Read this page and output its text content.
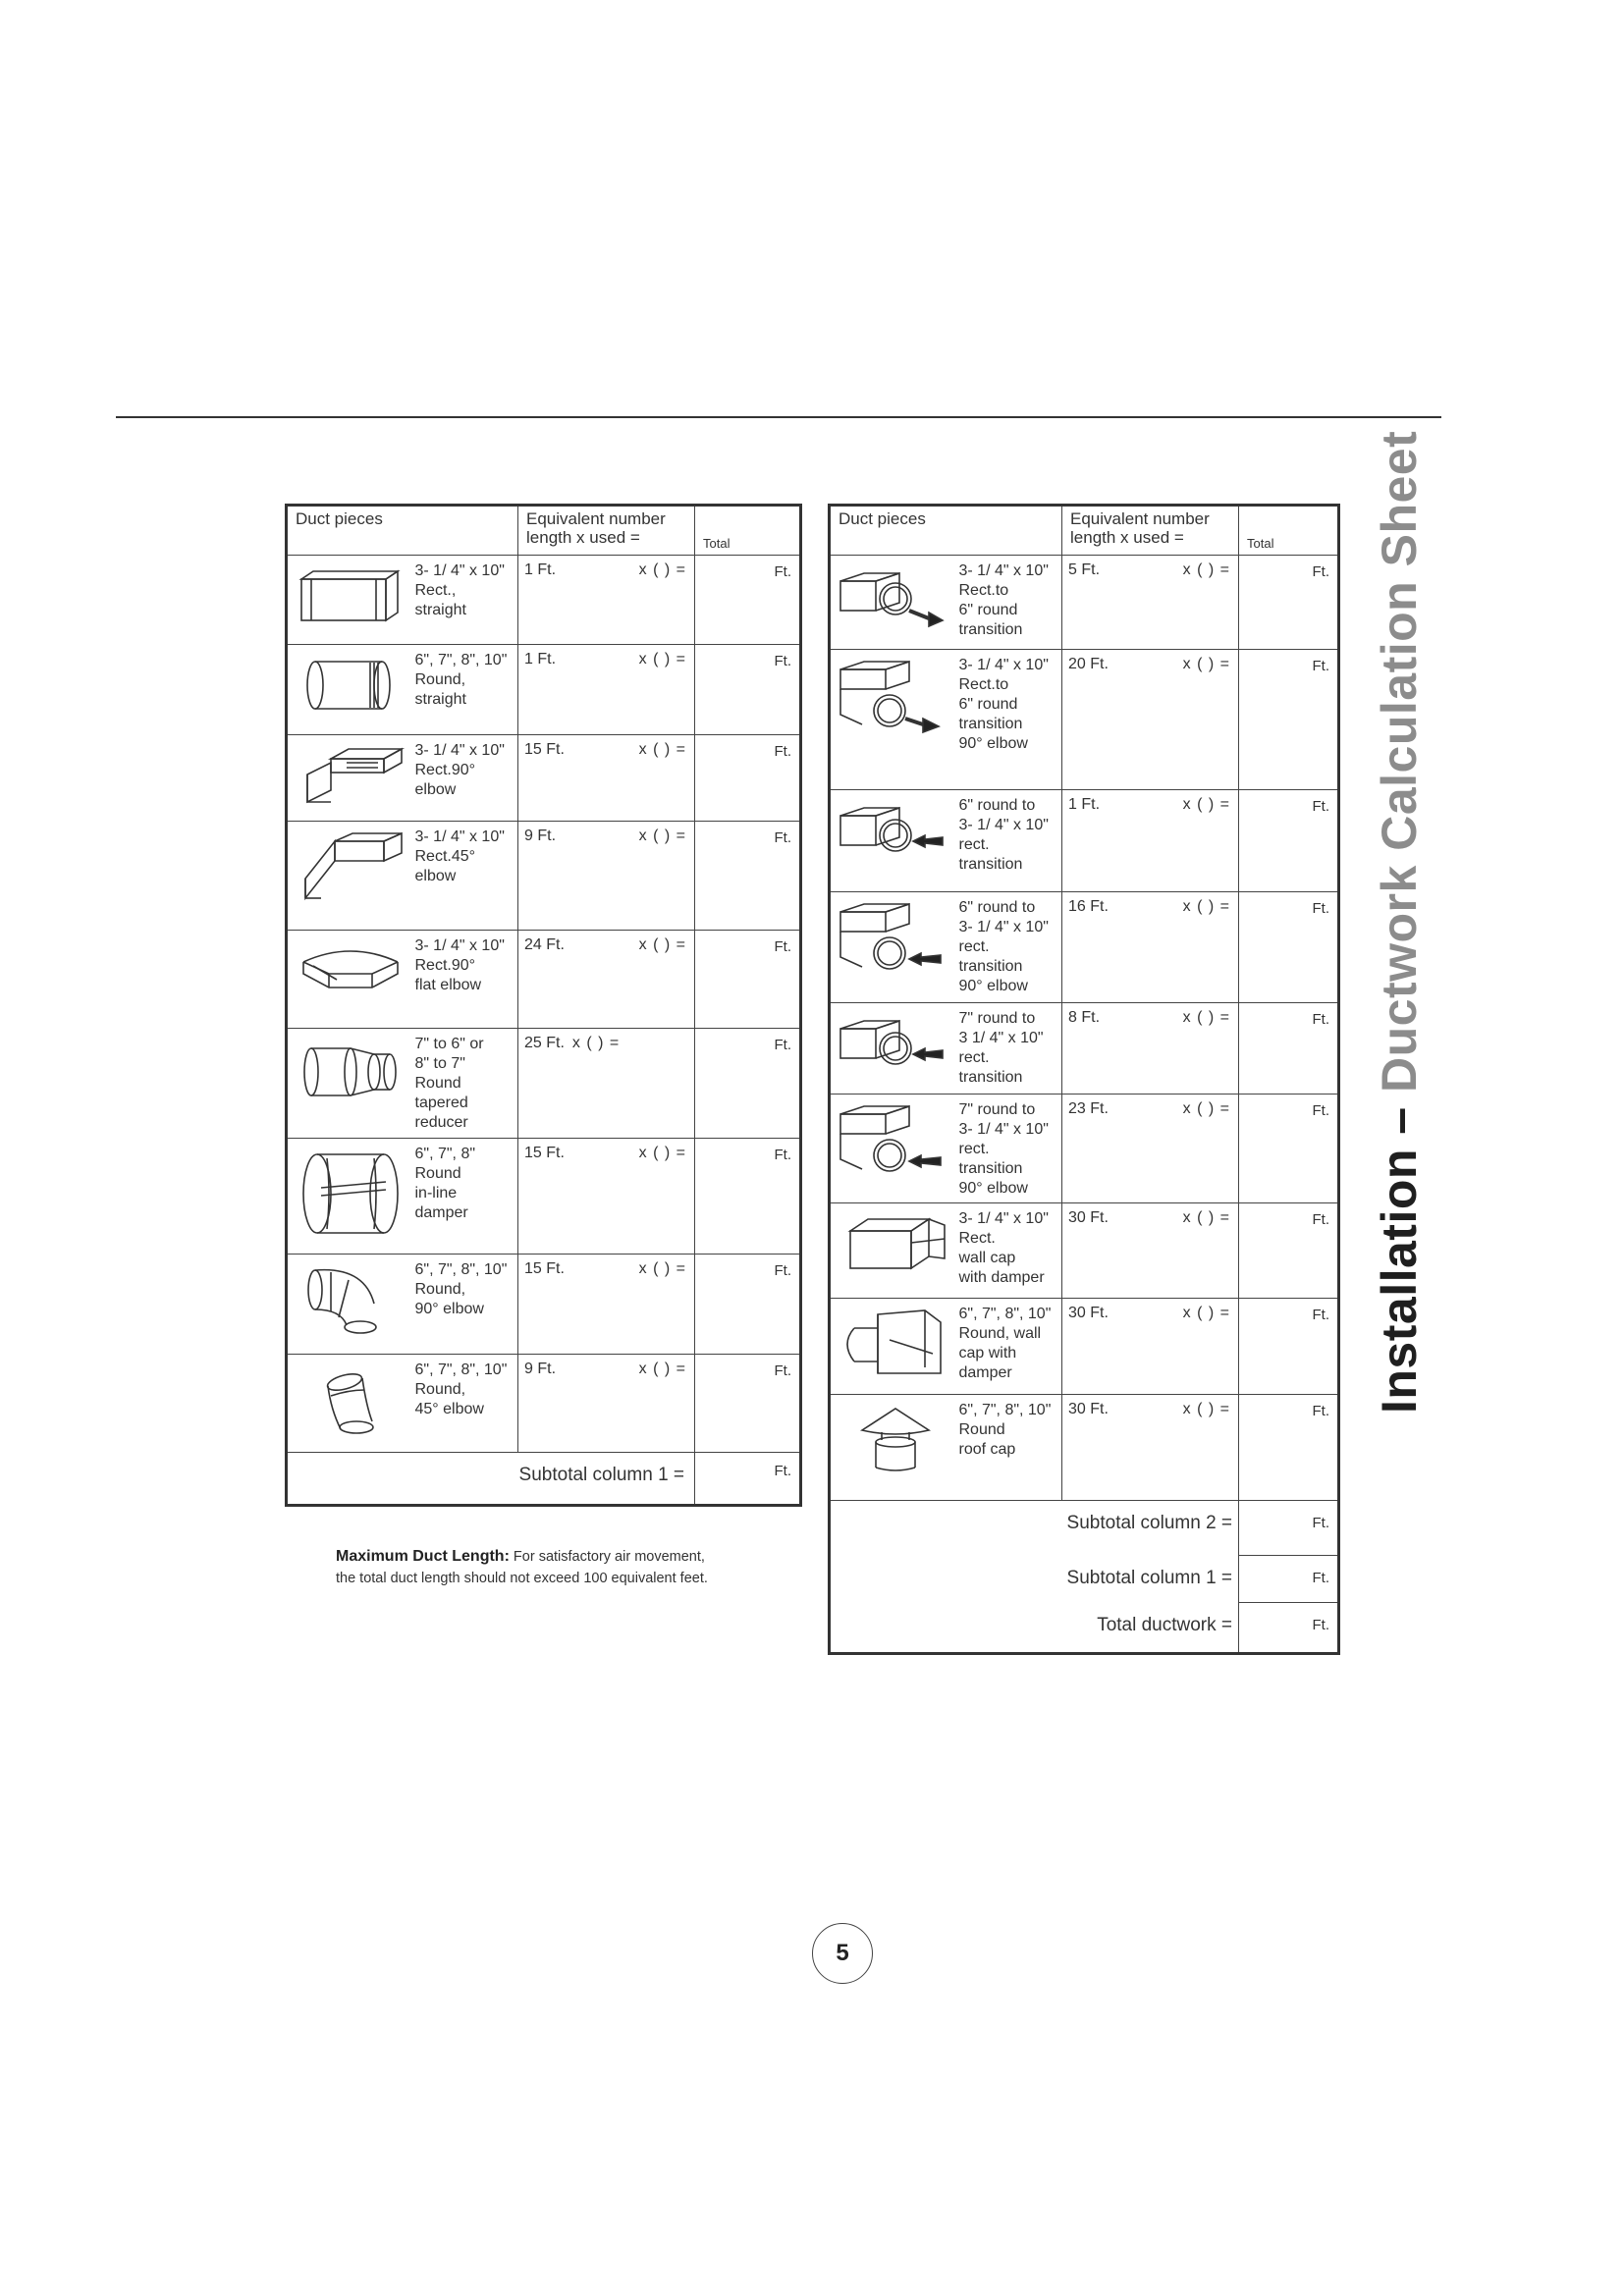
Installation – Ductwork Calculation Sheet
Duct pieces		Equivalent number
length x used =	Total

3- 1/ 4" x 10"
Rect.,
straight	1 Ft. x ( ) =	Ft.

6", 7", 8", 10"
Round,
straight	1 Ft. x ( ) =	Ft.

3- 1/ 4" x 10"
Rect.90°
elbow	15 Ft. x ( ) =	Ft.

3- 1/ 4" x 10"
Rect.45°
elbow	9 Ft. x ( ) =	Ft.

3- 1/ 4" x 10"
Rect.90°
flat elbow	24 Ft. x ( ) =	Ft.

7" to 6" or
8" to 7" Round
tapered
reducer	25 Ft. x ( ) =	Ft.

6", 7", 8"
Round
in-line
damper	15 Ft. x ( ) =	Ft.

6", 7", 8", 10"
Round,
90° elbow	15 Ft. x ( ) =	Ft.

6", 7", 8", 10"
Round,
45° elbow	9 Ft. x ( ) =	Ft.
Subtotal column 1 =			Ft.
Duct pieces		Equivalent number
length x used =	Total

3- 1/ 4" x 10"
Rect.to
6" round
transition	5 Ft. x ( ) =	Ft.

3- 1/ 4" x 10"
Rect.to
6" round
transition
90° elbow	20 Ft. x ( ) =	Ft.

6" round to
3- 1/ 4" x 10"
rect.
transition	1 Ft. x ( ) =	Ft.

6" round to
3- 1/ 4" x 10"
rect.
transition
90° elbow	16 Ft. x ( ) =	Ft.

7" round to
3 1/ 4" x 10"
rect.
transition	8 Ft. x ( ) =	Ft.

7" round to
3- 1/ 4" x 10"
rect.
transition
90° elbow	23 Ft. x ( ) =	Ft.

3- 1/ 4" x 10"
Rect.
wall cap
with damper	30 Ft. x ( ) =	Ft.

6", 7", 8", 10"
Round, wall
cap with
damper	30 Ft. x ( ) =	Ft.

6", 7", 8", 10"
Round
roof cap	30 Ft. x ( ) =	Ft.
		Subtotal column 2 =	Ft.
		Subtotal column 1 =	Ft.
		Total ductwork =	Ft.
Maximum Duct Length: For satisfactory air movement,
the total duct length should not exceed 100 equivalent feet.
5
